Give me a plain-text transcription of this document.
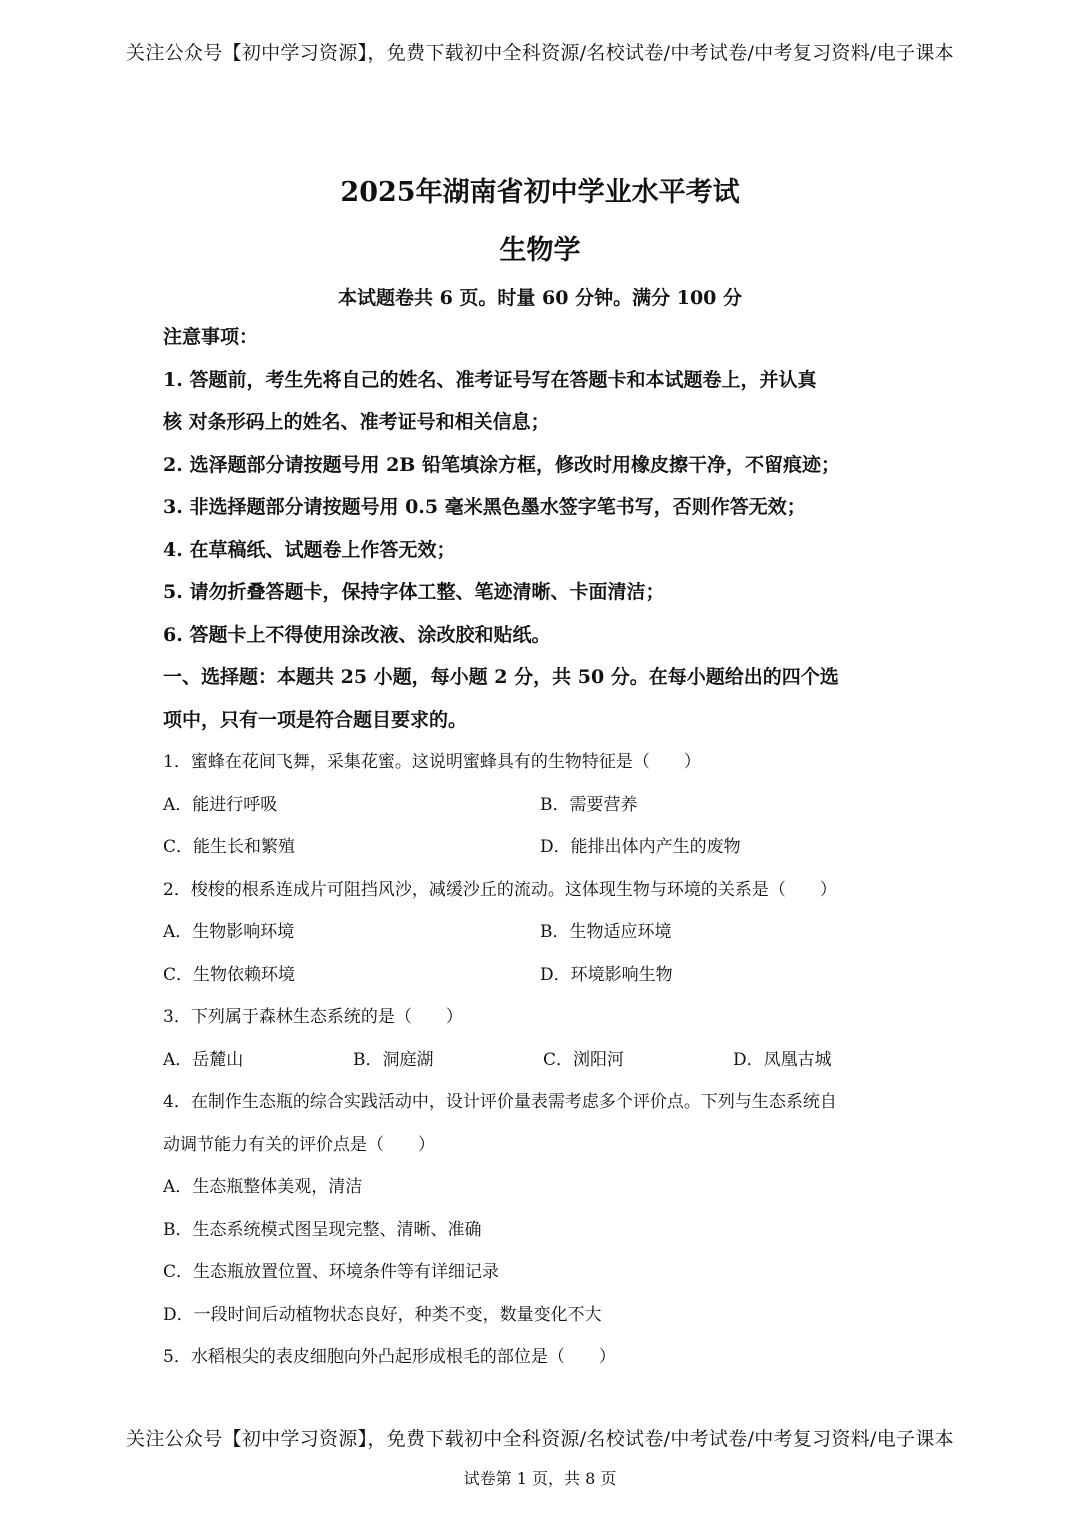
关注公众号【初中学习资源】，免费下载初中全科资源/名校试卷/中考试卷/中考复习资料/电子课本
2025年湖南省初中学业水平考试
生物学
本试题卷共 6 页。时量 60 分钟。满分 100 分
注意事项：
1. 答题前，考生先将自己的姓名、准考证号写在答题卡和本试题卷上，并认真
核 对条形码上的姓名、准考证号和相关信息；
2. 选泽题部分请按题号用 2B 铅笔填涂方框，修改时用橡皮擦干净，不留痕迹；
3. 非选择题部分请按题号用 0.5 毫米黑色墨水签字笔书写，否则作答无效；
4. 在草稿纸、试题卷上作答无效；
5. 请勿折叠答题卡，保持字体工整、笔迹清晰、卡面清洁；
6. 答题卡上不得使用涂改液、涂改胶和贴纸。
一、选择题：本题共 25 小题，每小题 2 分，共 50 分。在每小题给出的四个选
项中，只有一项是符合题目要求的。
1．蜜蜂在花间飞舞，采集花蜜。这说明蜜蜂具有的生物特征是（　　）
A．能进行呼吸	B．需要营养
C．能生长和繁殖	D．能排出体内产生的废物
2．梭梭的根系连成片可阻挡风沙，减缓沙丘的流动。这体现生物与环境的关系是（　　）
A．生物影响环境	B．生物适应环境
C．生物依赖环境	D．环境影响生物
3．下列属于森林生态系统的是（　　）
A．岳麓山	B．洞庭湖	C．浏阳河	D．凤凰古城
4．在制作生态瓶的综合实践活动中，设计评价量表需考虑多个评价点。下列与生态系统自
动调节能力有关的评价点是（　　）
A．生态瓶整体美观，清洁
B．生态系统模式图呈现完整、清晰、准确
C．生态瓶放置位置、环境条件等有详细记录
D．一段时间后动植物状态良好，种类不变，数量变化不大
5．水稻根尖的表皮细胞向外凸起形成根毛的部位是（　　）
关注公众号【初中学习资源】，免费下载初中全科资源/名校试卷/中考试卷/中考复习资料/电子课本
试卷第 1 页，共 8 页
